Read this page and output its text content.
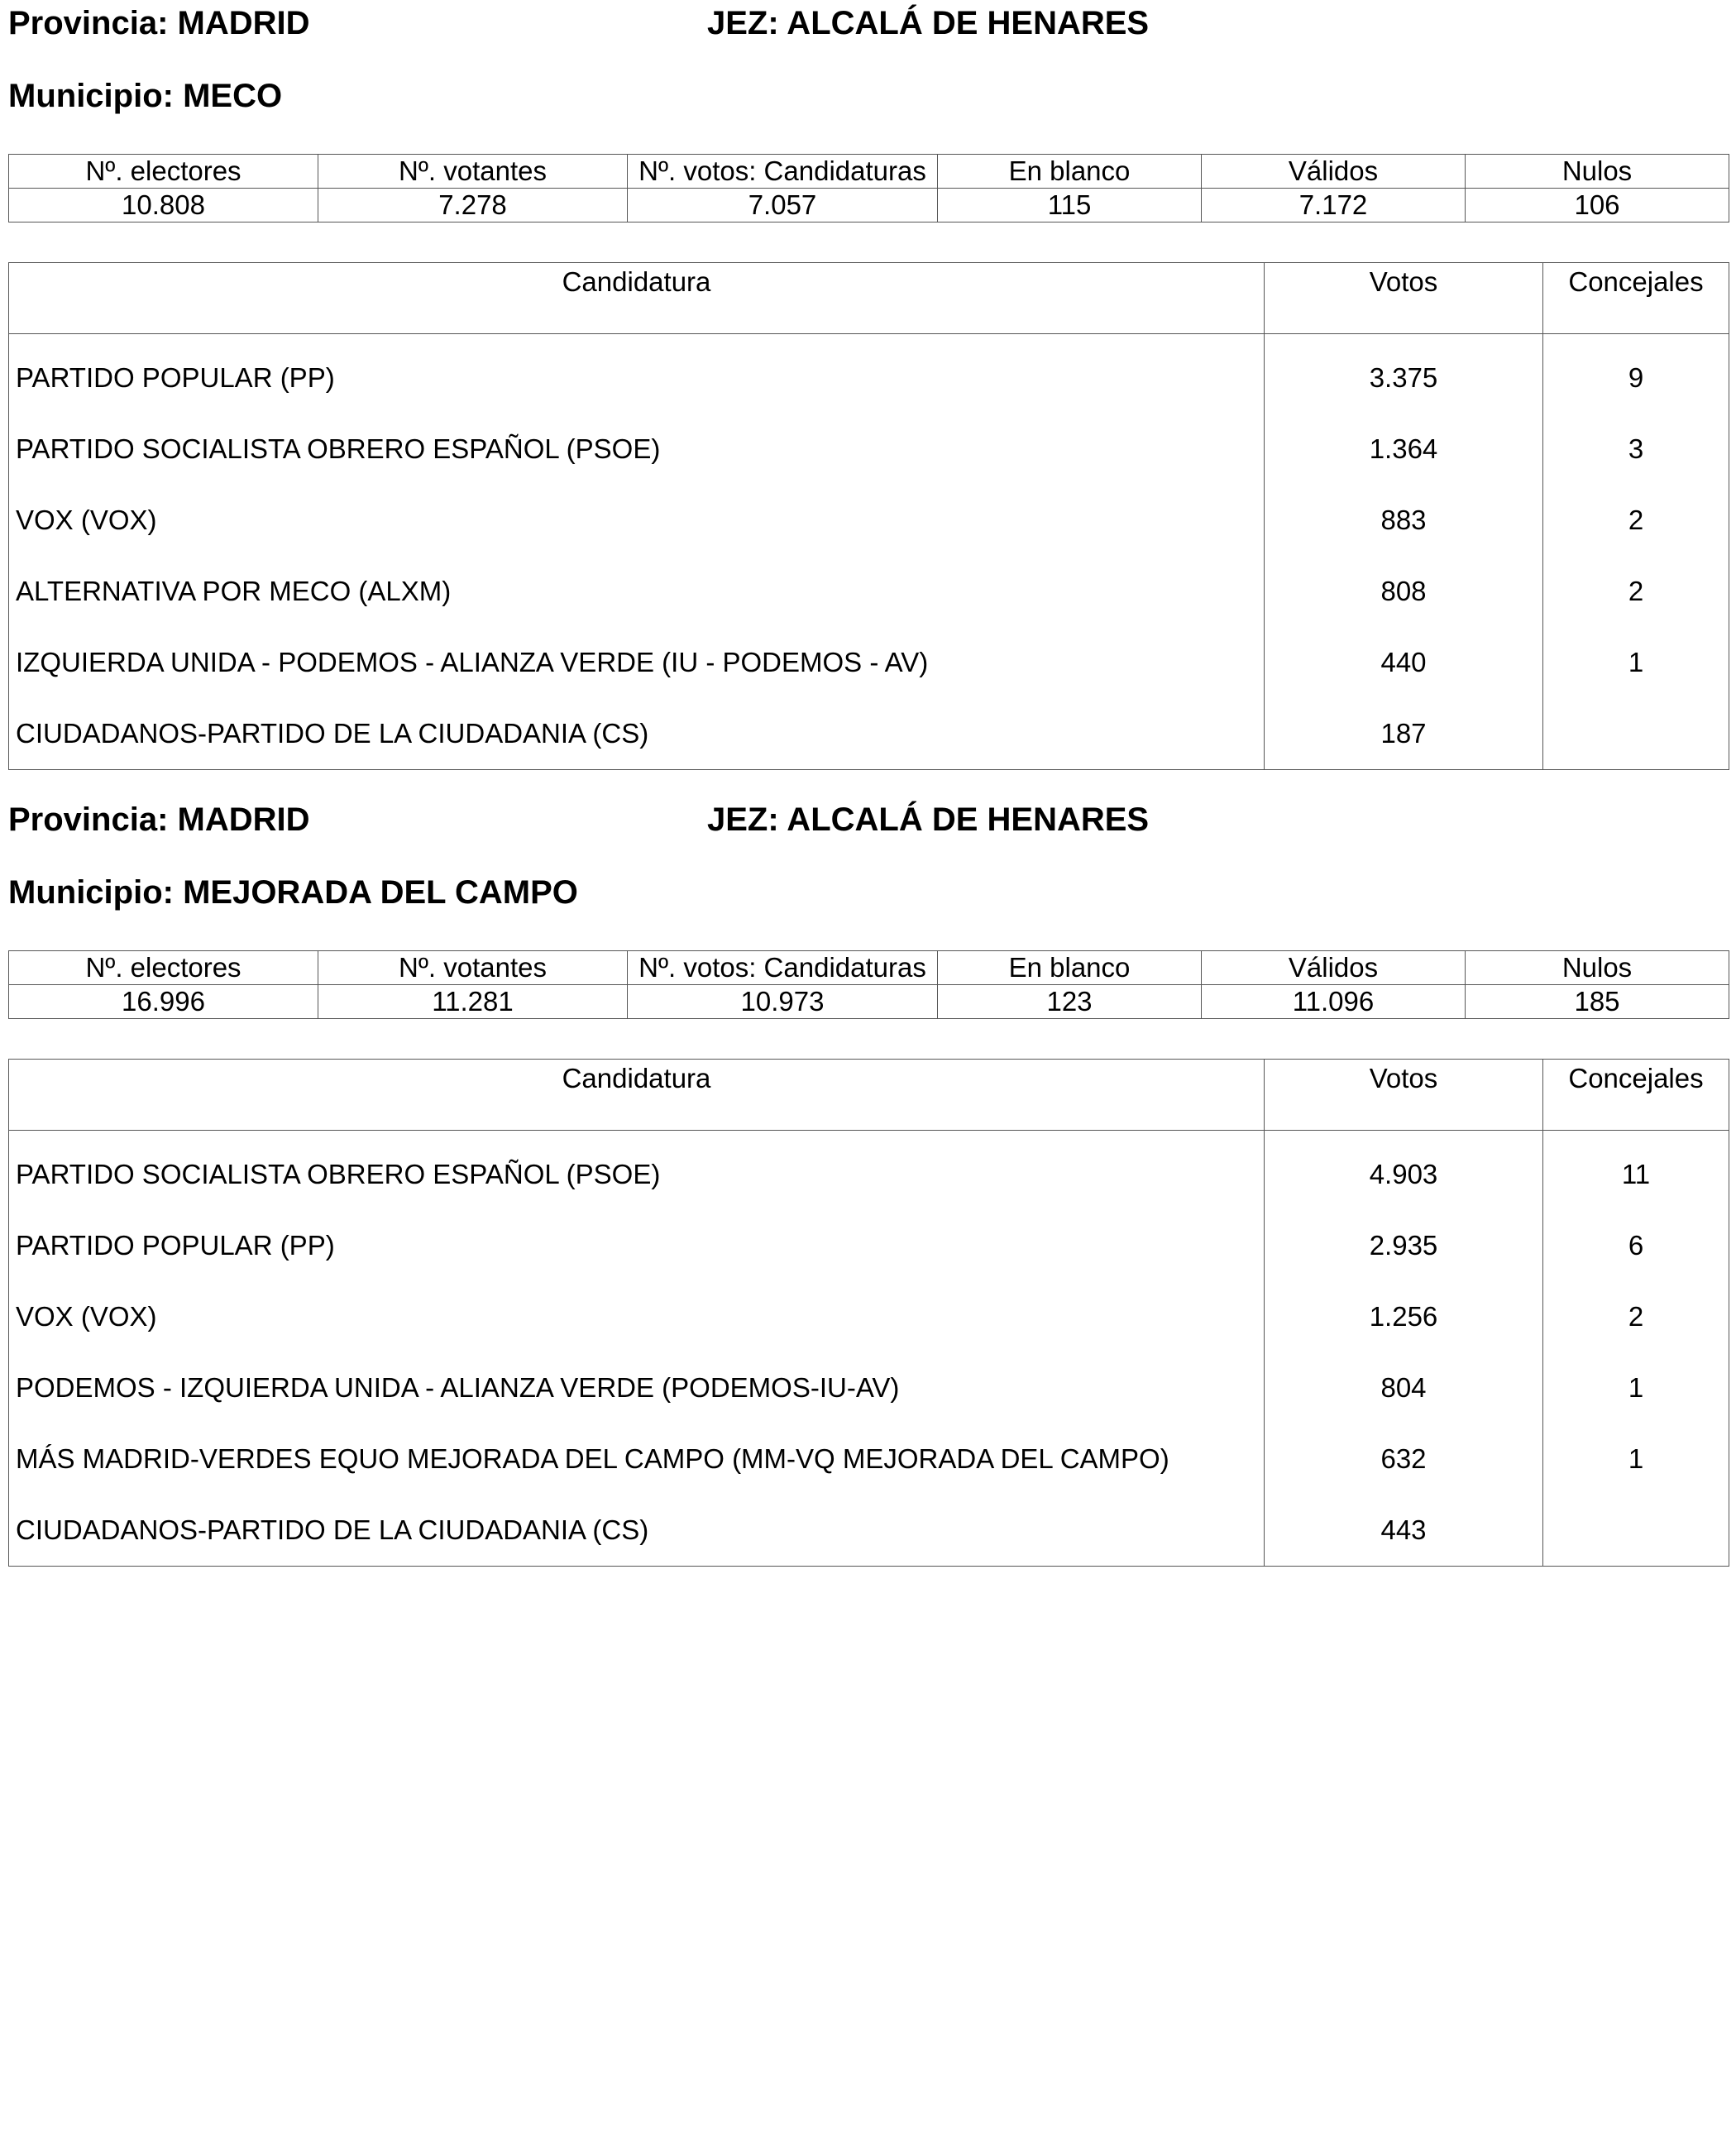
Provincia: MADRID	JEZ: ALCALÁ DE HENARES
Municipio: MECO
Nº. electores	Nº. votantes	Nº. votos: Candidaturas	En blanco	Válidos	Nulos
10.808	7.278	7.057	115	7.172	106
Candidatura	Votos	Concejales
PARTIDO POPULAR (PP)	3.375	9
PARTIDO SOCIALISTA OBRERO ESPAÑOL (PSOE)	1.364	3
VOX (VOX)	883	2
ALTERNATIVA POR MECO (ALXM)	808	2
IZQUIERDA UNIDA - PODEMOS - ALIANZA VERDE (IU - PODEMOS - AV)	440	1
CIUDADANOS-PARTIDO DE LA CIUDADANIA (CS)	187	
Provincia: MADRID	JEZ: ALCALÁ DE HENARES
Municipio: MEJORADA DEL CAMPO
Nº. electores	Nº. votantes	Nº. votos: Candidaturas	En blanco	Válidos	Nulos
16.996	11.281	10.973	123	11.096	185
Candidatura	Votos	Concejales
PARTIDO SOCIALISTA OBRERO ESPAÑOL (PSOE)	4.903	11
PARTIDO POPULAR (PP)	2.935	6
VOX (VOX)	1.256	2
PODEMOS - IZQUIERDA UNIDA - ALIANZA VERDE (PODEMOS-IU-AV)	804	1
MÁS MADRID-VERDES EQUO MEJORADA DEL CAMPO (MM-VQ MEJORADA DEL CAMPO)	632	1
CIUDADANOS-PARTIDO DE LA CIUDADANIA (CS)	443	
